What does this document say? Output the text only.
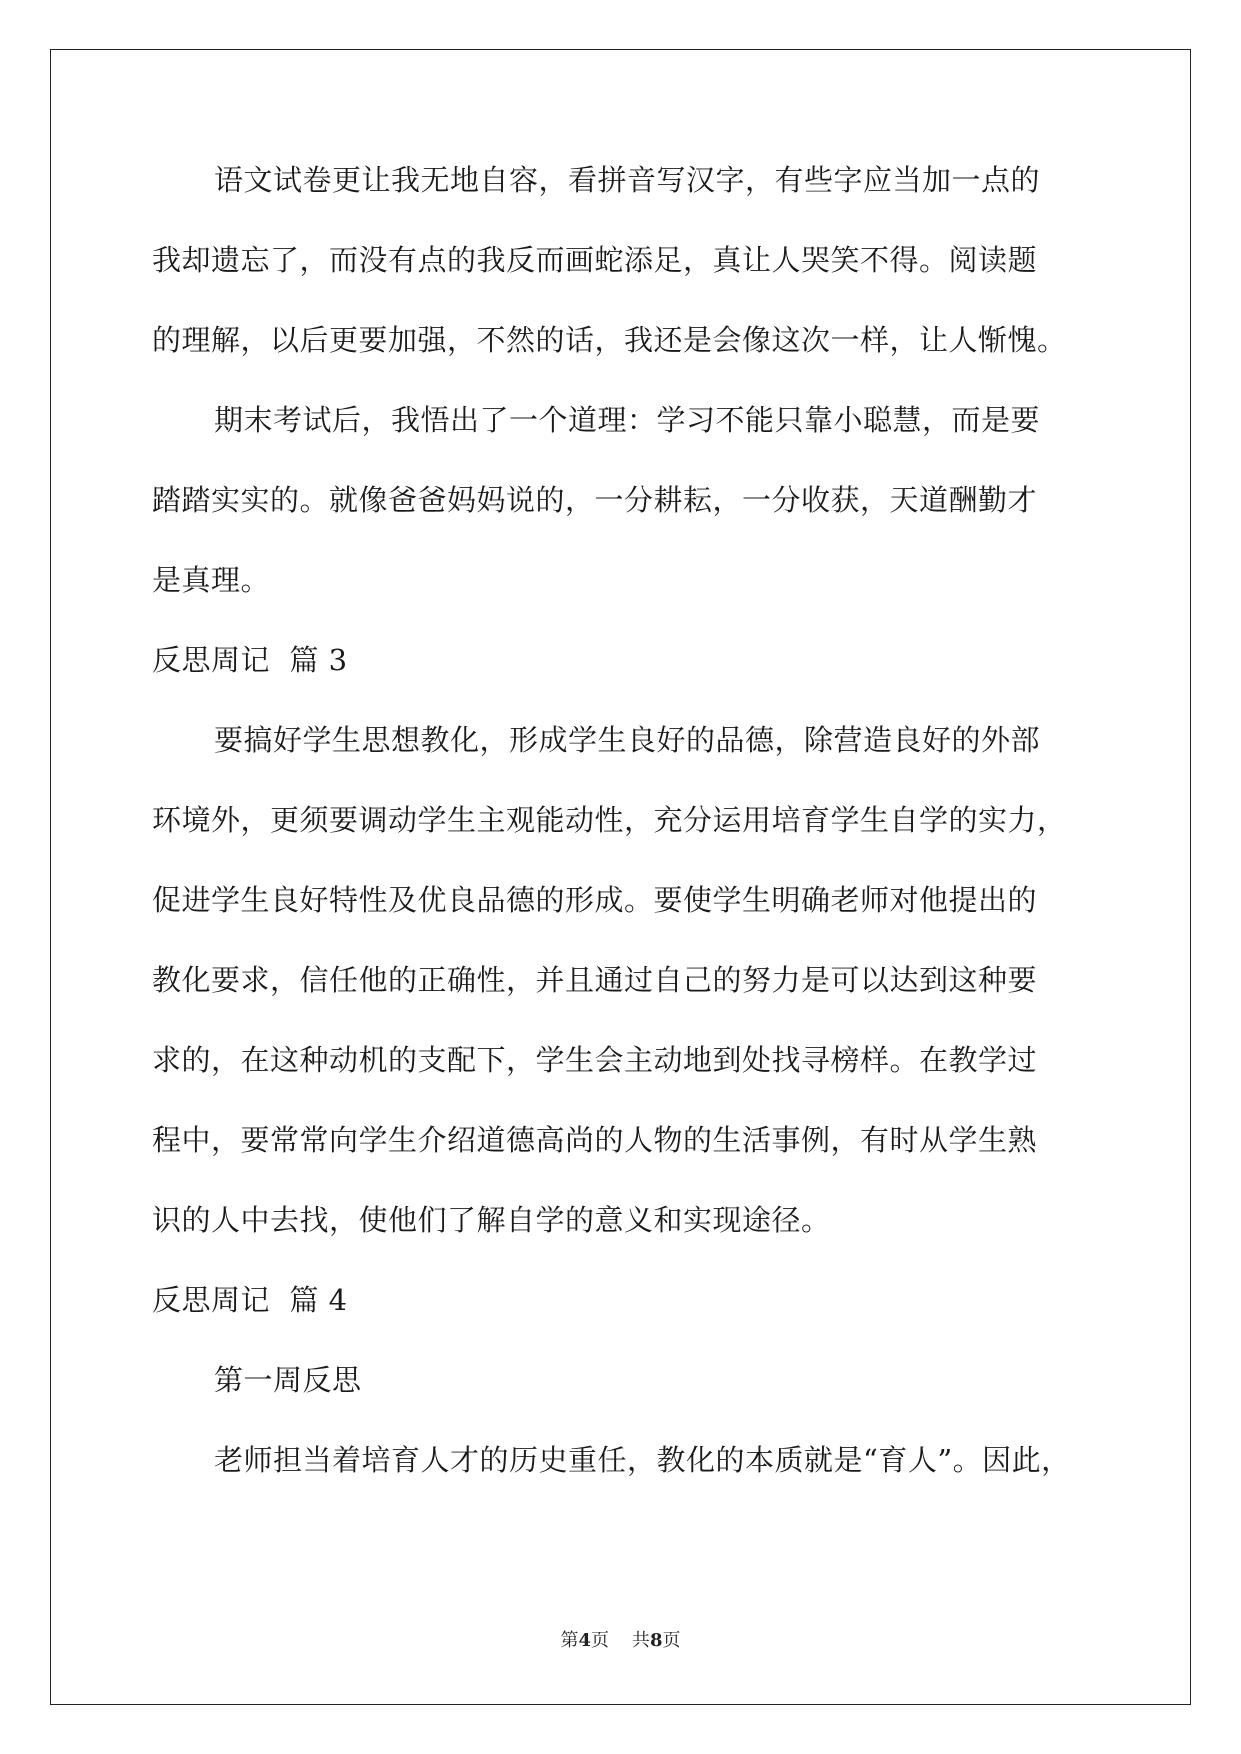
语文试卷更让我无地自容，看拼音写汉字，有些字应当加一点的
我却遗忘了，而没有点的我反而画蛇添足，真让人哭笑不得。阅读题
的理解，以后更要加强，不然的话，我还是会像这次一样，让人惭愧。
期末考试后，我悟出了一个道理：学习不能只靠小聪慧，而是要
踏踏实实的。就像爸爸妈妈说的，一分耕耘，一分收获，天道酬勤才
是真理。
反思周记  篇 3
要搞好学生思想教化，形成学生良好的品德，除营造良好的外部
环境外，更须要调动学生主观能动性，充分运用培育学生自学的实力，
促进学生良好特性及优良品德的形成。要使学生明确老师对他提出的
教化要求，信任他的正确性，并且通过自己的努力是可以达到这种要
求的，在这种动机的支配下，学生会主动地到处找寻榜样。在教学过
程中，要常常向学生介绍道德高尚的人物的生活事例，有时从学生熟
识的人中去找，使他们了解自学的意义和实现途径。
反思周记  篇 4
第一周反思
老师担当着培育人才的历史重任，教化的本质就是“育人”。因此，
第4页    共8页
